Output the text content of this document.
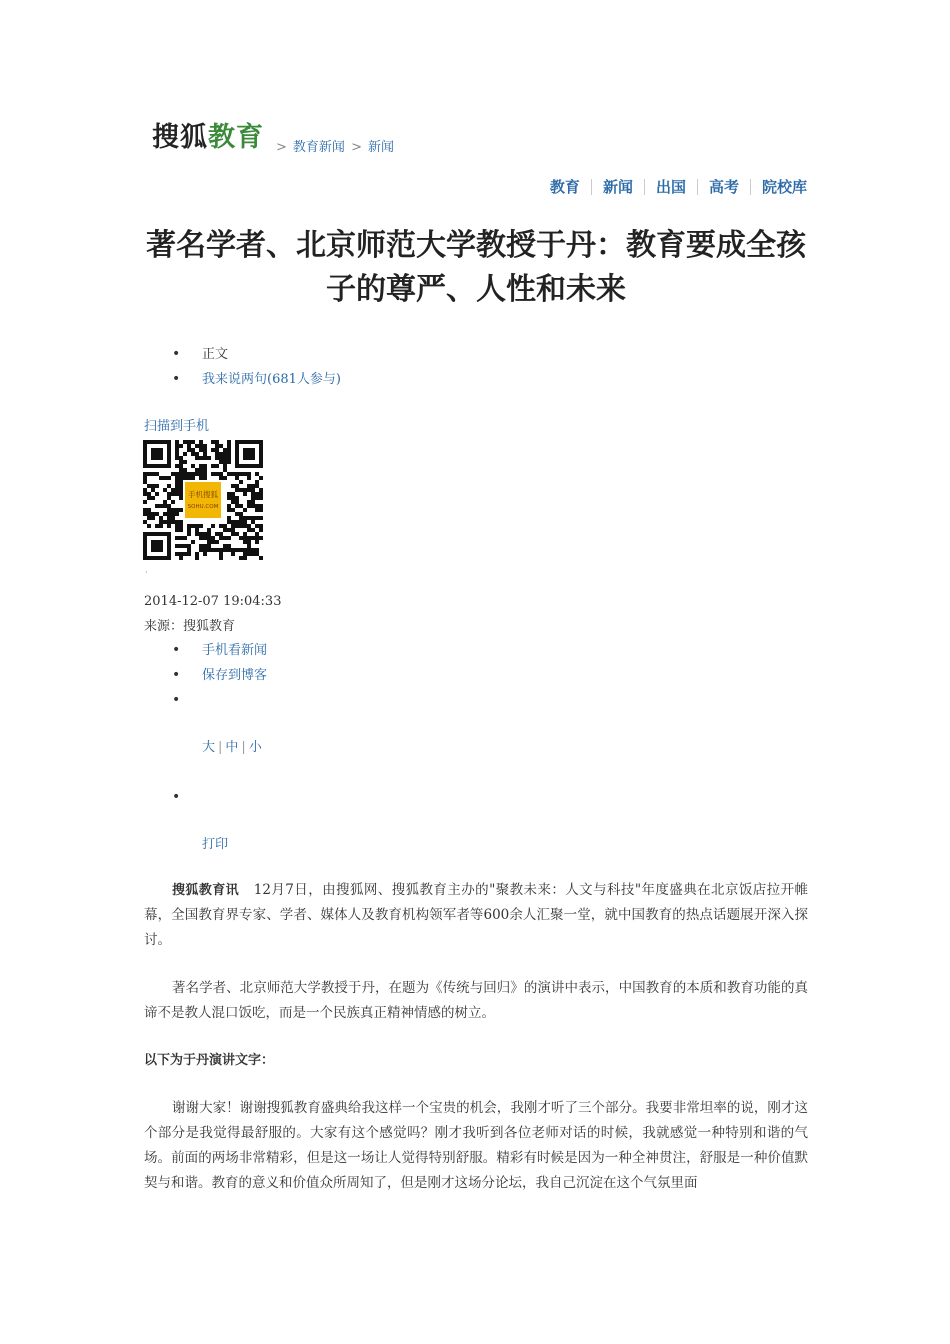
搜狐教育 > 教育新闻 > 新闻
教育	新闻	出国	高考	院校库
著名学者、北京师范大学教授于丹：教育要成全孩子的尊严、人性和未来
• 正文
• 我来说两句(681人参与)
扫描到手机
手机搜狐
SOHU.COM
·
2014-12-07 19:04:33
来源：搜狐教育
• 手机看新闻
• 保存到博客
• 大 | 中 | 小
• 打印

搜狐教育讯 12月7日，由搜狐网、搜狐教育主办的"聚教未来：人文与科技"年度盛典在北京饭店拉开帷幕，全国教育界专家、学者、媒体人及教育机构领军者等600余人汇聚一堂，就中国教育的热点话题展开深入探讨。

著名学者、北京师范大学教授于丹，在题为《传统与回归》的演讲中表示，中国教育的本质和教育功能的真谛不是教人混口饭吃，而是一个民族真正精神情感的树立。

以下为于丹演讲文字：

谢谢大家！谢谢搜狐教育盛典给我这样一个宝贵的机会，我刚才听了三个部分。我要非常坦率的说，刚才这个部分是我觉得最舒服的。大家有这个感觉吗？刚才我听到各位老师对话的时候，我就感觉一种特别和谐的气场。前面的两场非常精彩，但是这一场让人觉得特别舒服。精彩有时候是因为一种全神贯注，舒服是一种价值默契与和谐。教育的意义和价值众所周知了，但是刚才这场分论坛，我自己沉淀在这个气氛里面
